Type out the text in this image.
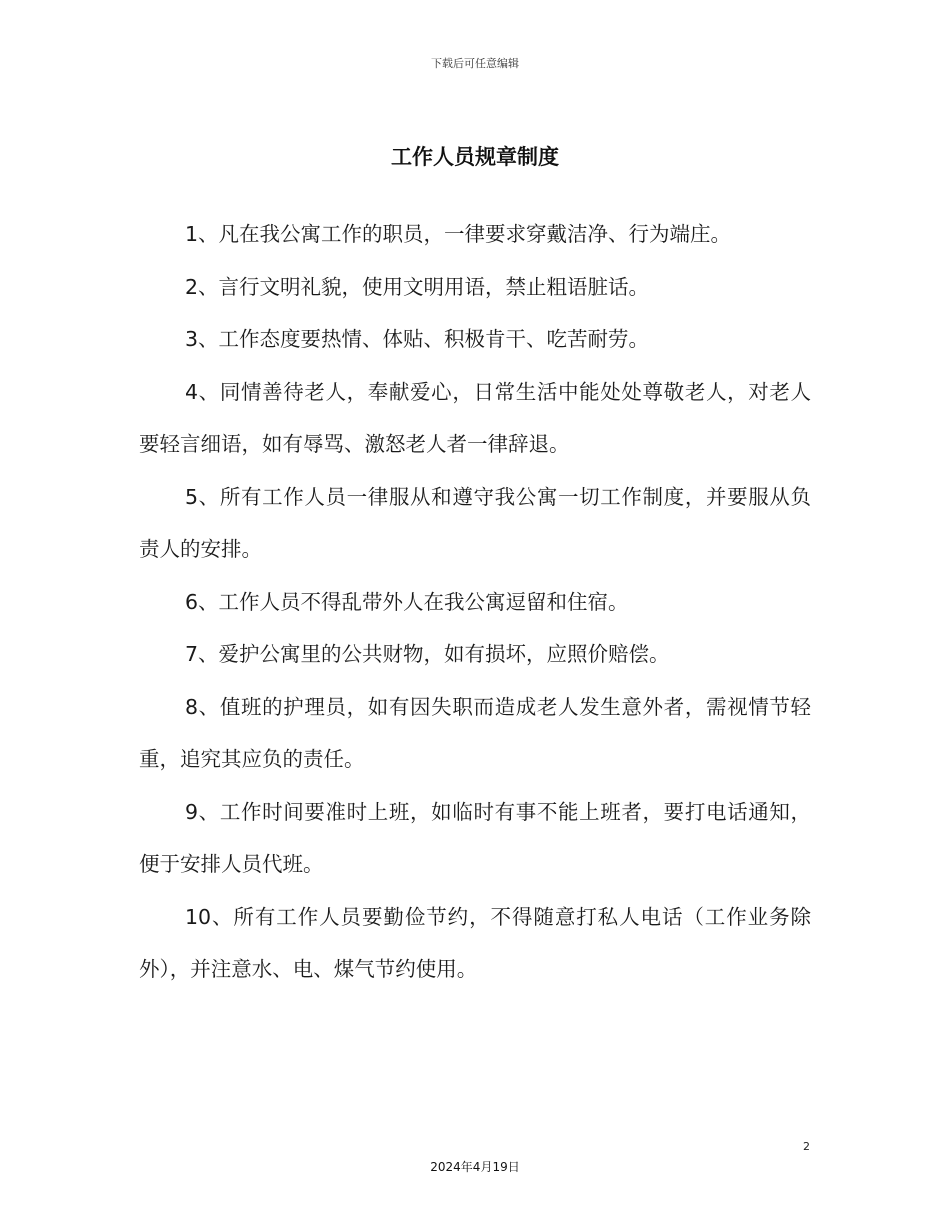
下载后可任意编辑
工作人员规章制度

1、凡在我公寓工作的职员，一律要求穿戴洁净、行为端庄。

2、言行文明礼貌，使用文明用语，禁止粗语脏话。

3、工作态度要热情、体贴、积极肯干、吃苦耐劳。

4、同情善待老人，奉献爱心，日常生活中能处处尊敬老人，对老人要轻言细语，如有辱骂、激怒老人者一律辞退。

5、所有工作人员一律服从和遵守我公寓一切工作制度，并要服从负责人的安排。

6、工作人员不得乱带外人在我公寓逗留和住宿。

7、爱护公寓里的公共财物，如有损坏，应照价赔偿。

8、值班的护理员，如有因失职而造成老人发生意外者，需视情节轻重，追究其应负的责任。

9、工作时间要准时上班，如临时有事不能上班者，要打电话通知，便于安排人员代班。

10、所有工作人员要勤俭节约，不得随意打私人电话（工作业务除外），并注意水、电、煤气节约使用。

2
2024年4月19日
